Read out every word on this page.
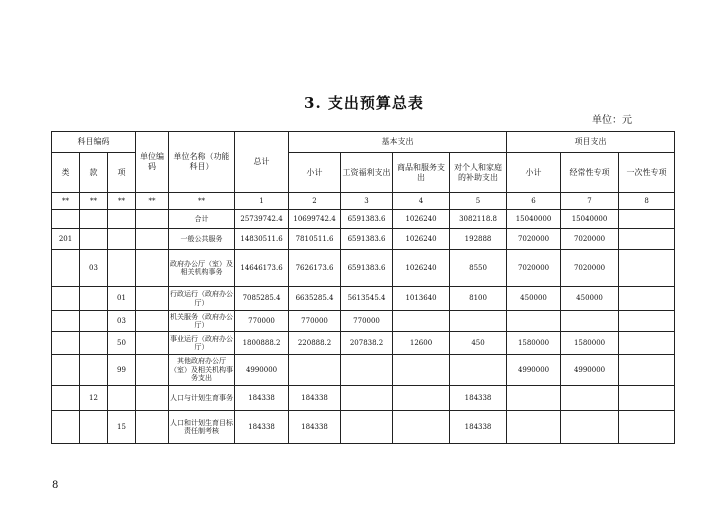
3. 支出预算总表
单位：元
科目编码			单位编码	单位名称（功能科目）	总计	基本支出				项目支出		
类	款	项				小计	工资福利支出	商品和服务支出	对个人和家庭的补助支出	小计	经常性专项	一次性专项
**	**	**	**	**	1	2	3	4	5	6	7	8
				合计	25739742.4	10699742.4	6591383.6	1026240	3082118.8	15040000	15040000	
201				一般公共服务	14830511.6	7810511.6	6591383.6	1026240	192888	7020000	7020000	
	03			政府办公厅（室）及相关机构事务	14646173.6	7626173.6	6591383.6	1026240	8550	7020000	7020000	
		01		行政运行（政府办公厅）	7085285.4	6635285.4	5613545.4	1013640	8100	450000	450000	
		03		机关服务（政府办公厅）	770000	770000	770000					
		50		事业运行（政府办公厅）	1800888.2	220888.2	207838.2	12600	450	1580000	1580000	
		99		其他政府办公厅（室）及相关机构事务支出	4990000					4990000	4990000	
	12			人口与计划生育事务	184338	184338			184338			
		15		人口和计划生育目标责任制考核	184338	184338			184338			
8
